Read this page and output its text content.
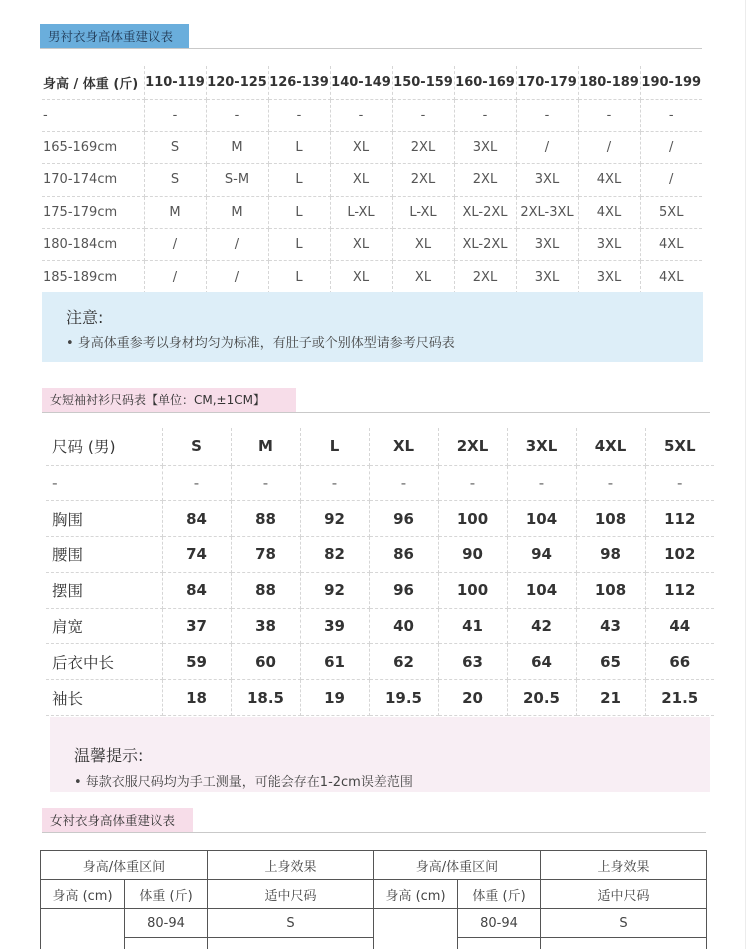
男衬衣身高体重建议表
身高 / 体重 (斤)	110-119	120-125	126-139	140-149	150-159	160-169	170-179	180-189	190-199
-	-	-	-	-	-	-	-	-	-
165-169cm	S	M	L	XL	2XL	3XL	/	/	/
170-174cm	S	S-M	L	XL	2XL	2XL	3XL	4XL	/
175-179cm	M	M	L	L-XL	L-XL	XL-2XL	2XL-3XL	4XL	5XL
180-184cm	/	/	L	XL	XL	XL-2XL	3XL	3XL	4XL
185-189cm	/	/	L	XL	XL	2XL	3XL	3XL	4XL
注意:
• 身高体重参考以身材均匀为标准，有肚子或个别体型请参考尺码表
女短袖衬衫尺码表【单位：CM,±1CM】
尺码 (男)	S	M	L	XL	2XL	3XL	4XL	5XL
-	-	-	-	-	-	-	-	-
胸围	84	88	92	96	100	104	108	112
腰围	74	78	82	86	90	94	98	102
摆围	84	88	92	96	100	104	108	112
肩宽	37	38	39	40	41	42	43	44
后衣中长	59	60	61	62	63	64	65	66
袖长	18	18.5	19	19.5	20	20.5	21	21.5
温馨提示:
• 每款衣服尺码均为手工测量，可能会存在1-2cm误差范围
女衬衣身高体重建议表
身高/体重区间		上身效果	身高/体重区间		上身效果
身高 (cm)	体重 (斤)	适中尺码	身高 (cm)	体重 (斤)	适中尺码
	80-94	S		80-94	S
